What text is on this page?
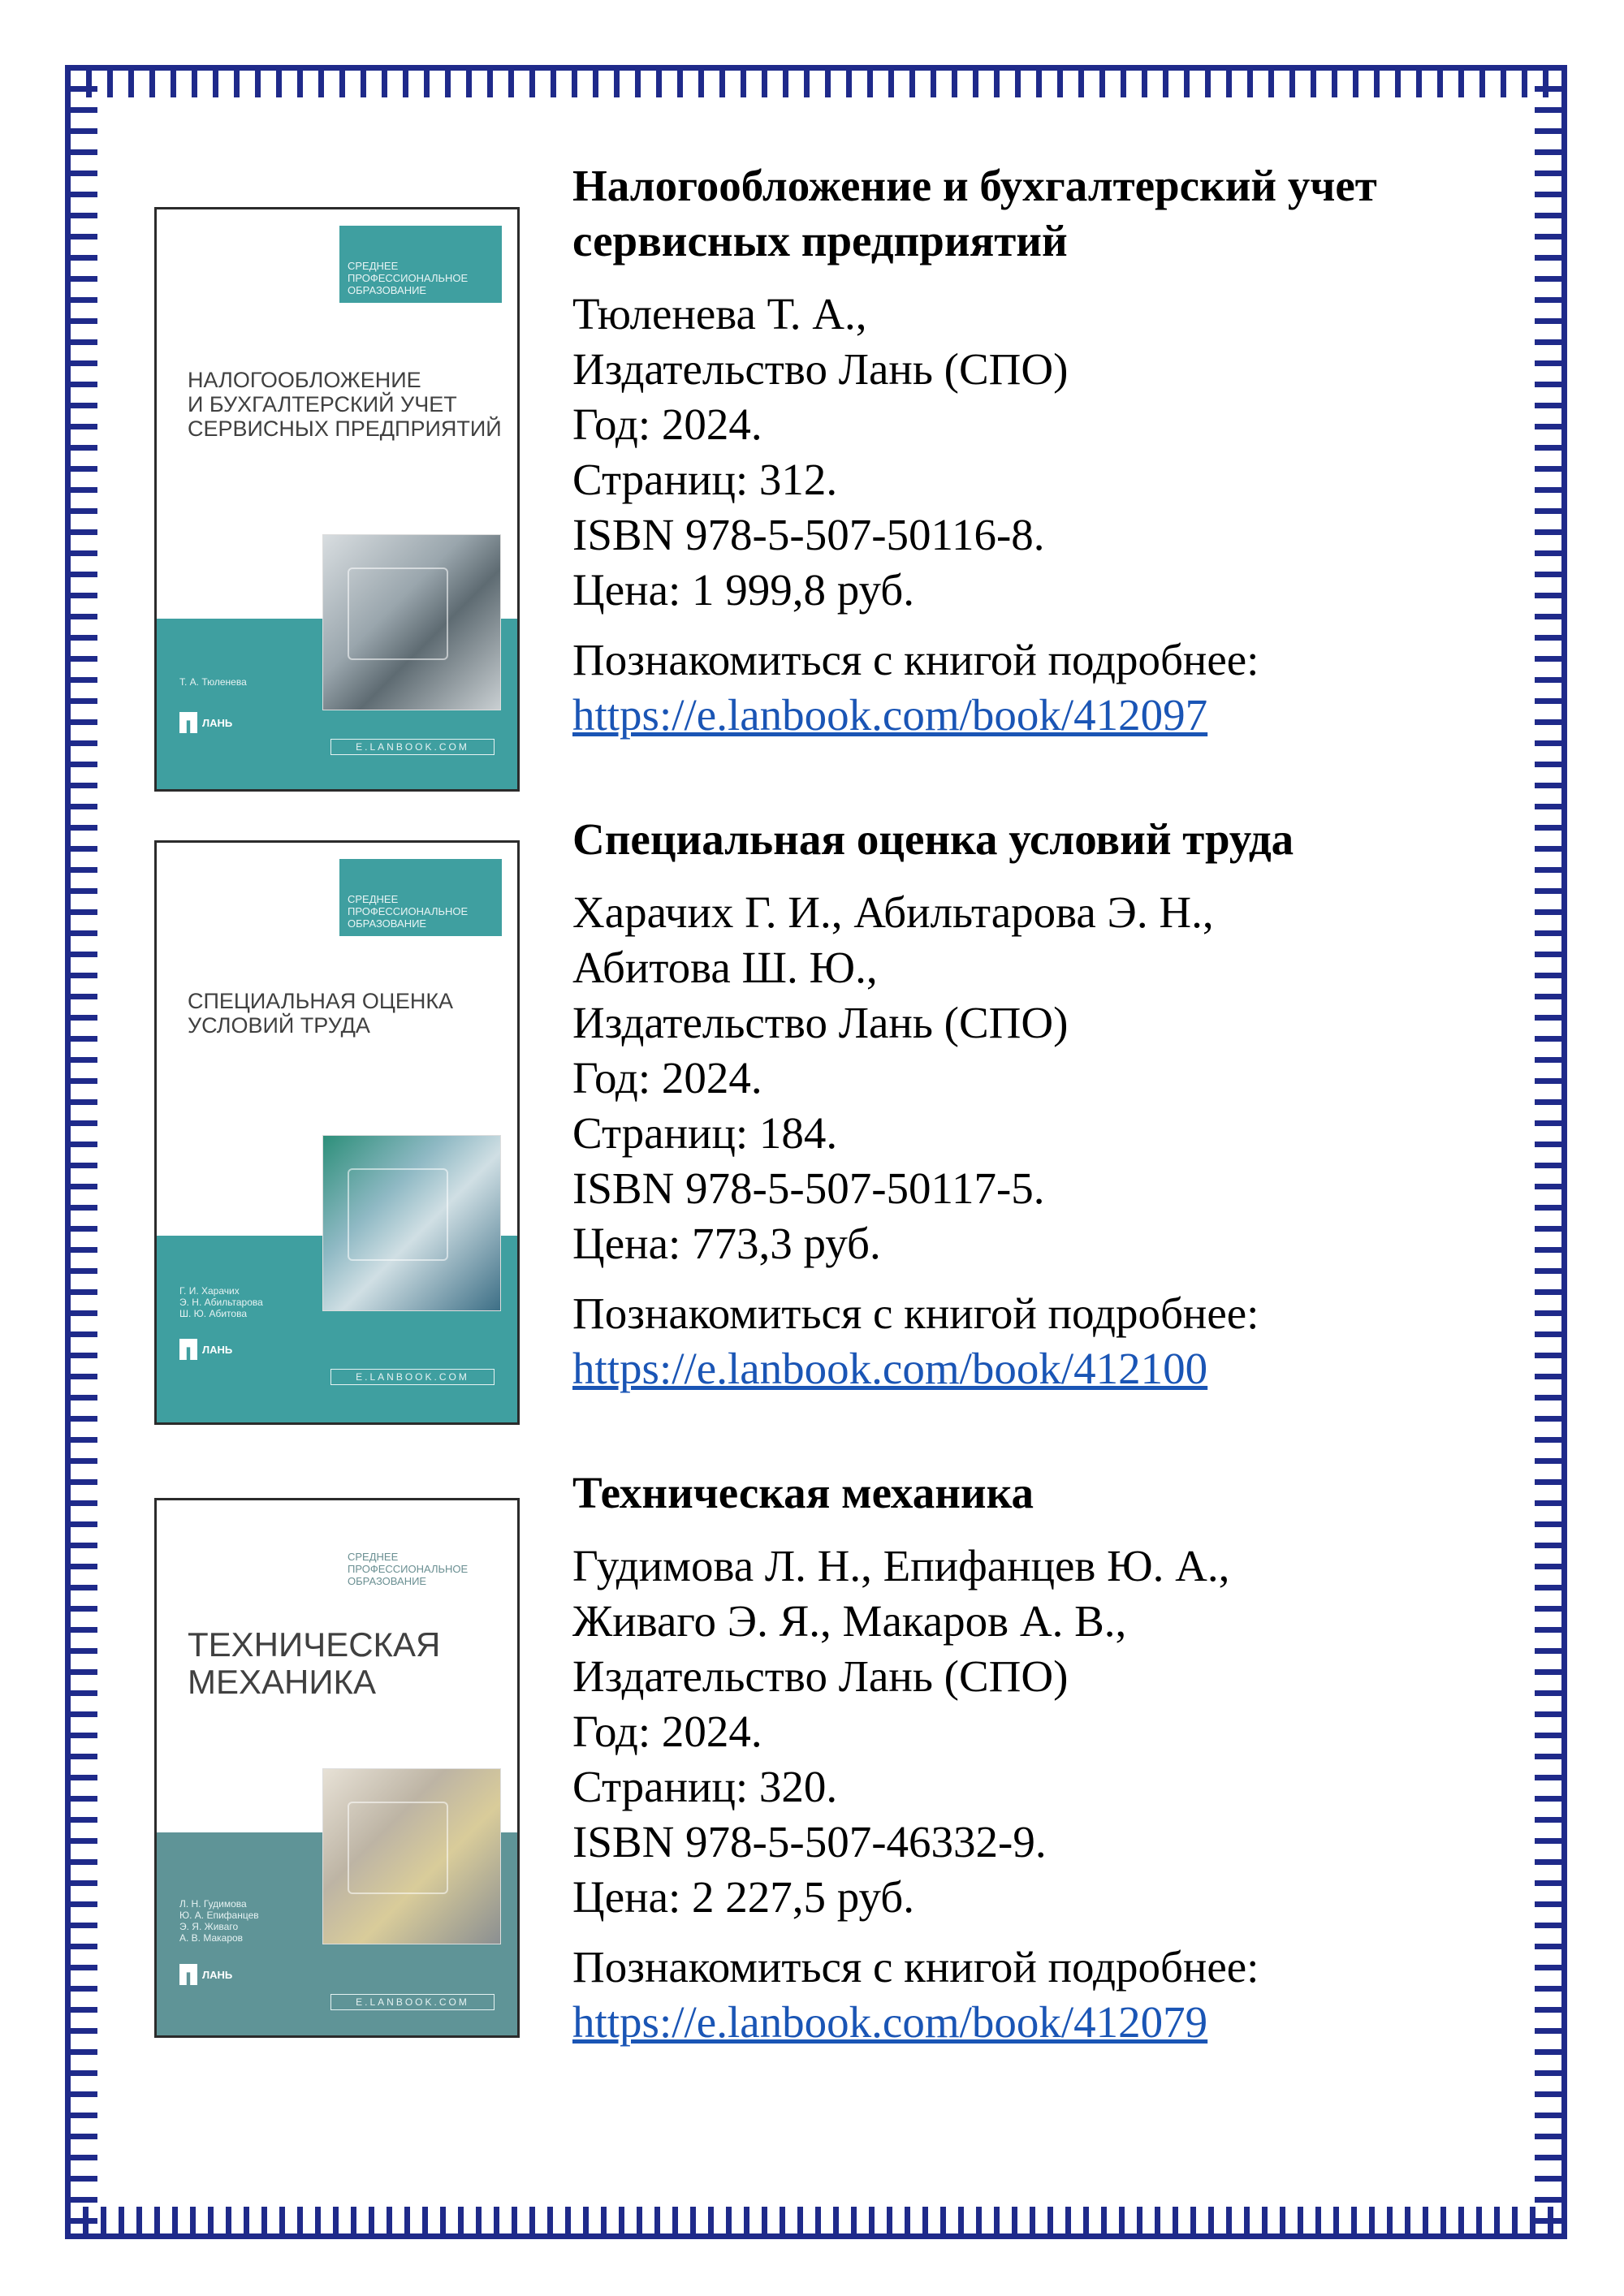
СРЕДНЕЕ ПРОФЕССИОНАЛЬНОЕ ОБРАЗОВАНИЕ
НАЛОГООБЛОЖЕНИЕ
И БУХГАЛТЕРСКИЙ УЧЕТ
СЕРВИСНЫХ ПРЕДПРИЯТИЙ
Т. А. Тюленева
ЛАНЬ
E.LANBOOK.COM
Налогообложение и бухгалтерский учет сервисных предприятий
Тюленева Т. А.,
Издательство Лань (СПО)
Год: 2024.
Страниц: 312.
ISBN 978-5-507-50116-8.
Цена: 1 999,8 руб.
Познакомиться с книгой подробнее:
https://e.lanbook.com/book/412097
СРЕДНЕЕ ПРОФЕССИОНАЛЬНОЕ ОБРАЗОВАНИЕ
СПЕЦИАЛЬНАЯ ОЦЕНКА
УСЛОВИЙ ТРУДА
Г. И. Харачих
Э. Н. Абильтарова
Ш. Ю. Абитова
ЛАНЬ
E.LANBOOK.COM
Специальная оценка условий труда
Харачих Г. И., Абильтарова Э. Н.,
Абитова Ш. Ю.,
Издательство Лань (СПО)
Год: 2024.
Страниц: 184.
ISBN 978-5-507-50117-5.
Цена: 773,3 руб.
Познакомиться с книгой подробнее:
https://e.lanbook.com/book/412100
СРЕДНЕЕ ПРОФЕССИОНАЛЬНОЕ ОБРАЗОВАНИЕ
ТЕХНИЧЕСКАЯ
МЕХАНИКА
Л. Н. Гудимова
Ю. А. Епифанцев
Э. Я. Живаго
А. В. Макаров
ЛАНЬ
E.LANBOOK.COM
Техническая механика
Гудимова Л. Н., Епифанцев Ю. А.,
Живаго Э. Я., Макаров А. В.,
Издательство Лань (СПО)
Год: 2024.
Страниц: 320.
ISBN 978-5-507-46332-9.
Цена: 2 227,5 руб.
Познакомиться с книгой подробнее:
https://e.lanbook.com/book/412079
